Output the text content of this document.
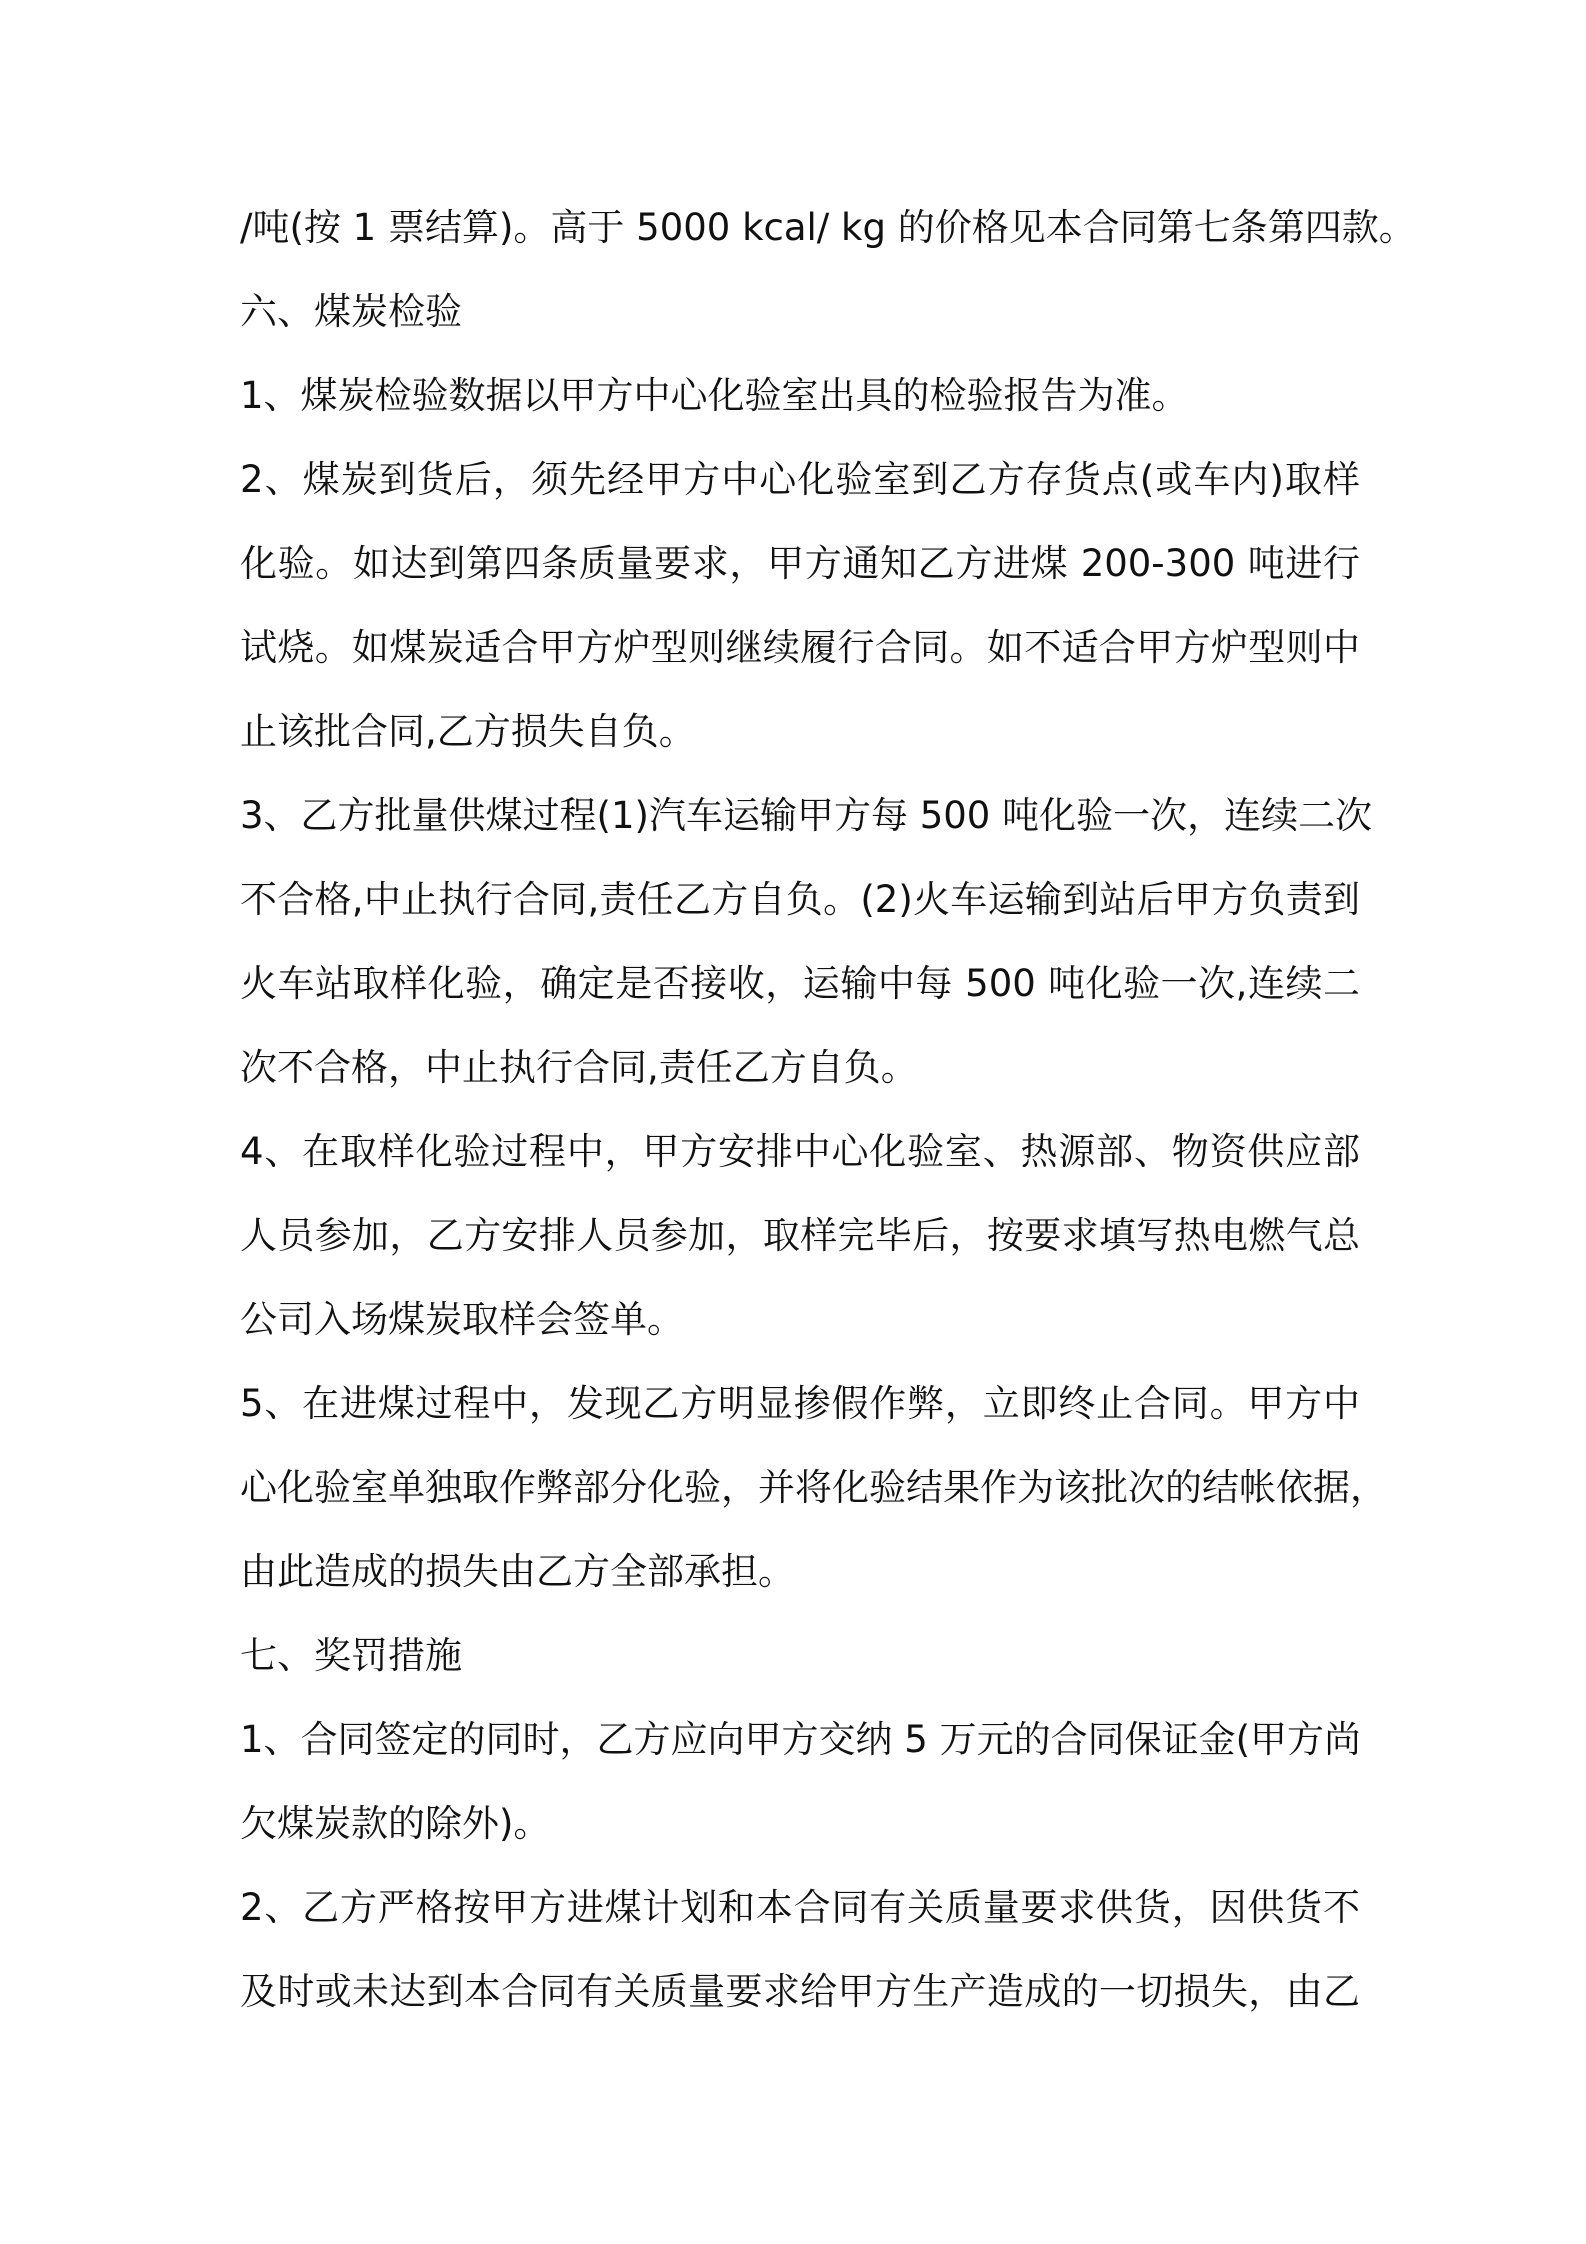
/吨(按 1 票结算)。高于 5000 kcal/ kg 的价格见本合同第七条第四款。
六、煤炭检验
1、煤炭检验数据以甲方中心化验室出具的检验报告为准。
2、煤炭到货后，须先经甲方中心化验室到乙方存货点(或车内)取样
化验。如达到第四条质量要求，甲方通知乙方进煤 200-300 吨进行
试烧。如煤炭适合甲方炉型则继续履行合同。如不适合甲方炉型则中
止该批合同,乙方损失自负。
3、乙方批量供煤过程(1)汽车运输甲方每 500 吨化验一次，连续二次
不合格,中止执行合同,责任乙方自负。(2)火车运输到站后甲方负责到
火车站取样化验，确定是否接收，运输中每 500 吨化验一次,连续二
次不合格，中止执行合同,责任乙方自负。
4、在取样化验过程中，甲方安排中心化验室、热源部、物资供应部
人员参加，乙方安排人员参加，取样完毕后，按要求填写热电燃气总
公司入场煤炭取样会签单。
5、在进煤过程中，发现乙方明显掺假作弊，立即终止合同。甲方中
心化验室单独取作弊部分化验，并将化验结果作为该批次的结帐依据，
由此造成的损失由乙方全部承担。
七、奖罚措施
1、合同签定的同时，乙方应向甲方交纳 5 万元的合同保证金(甲方尚
欠煤炭款的除外)。
2、乙方严格按甲方进煤计划和本合同有关质量要求供货，因供货不
及时或未达到本合同有关质量要求给甲方生产造成的一切损失，由乙
